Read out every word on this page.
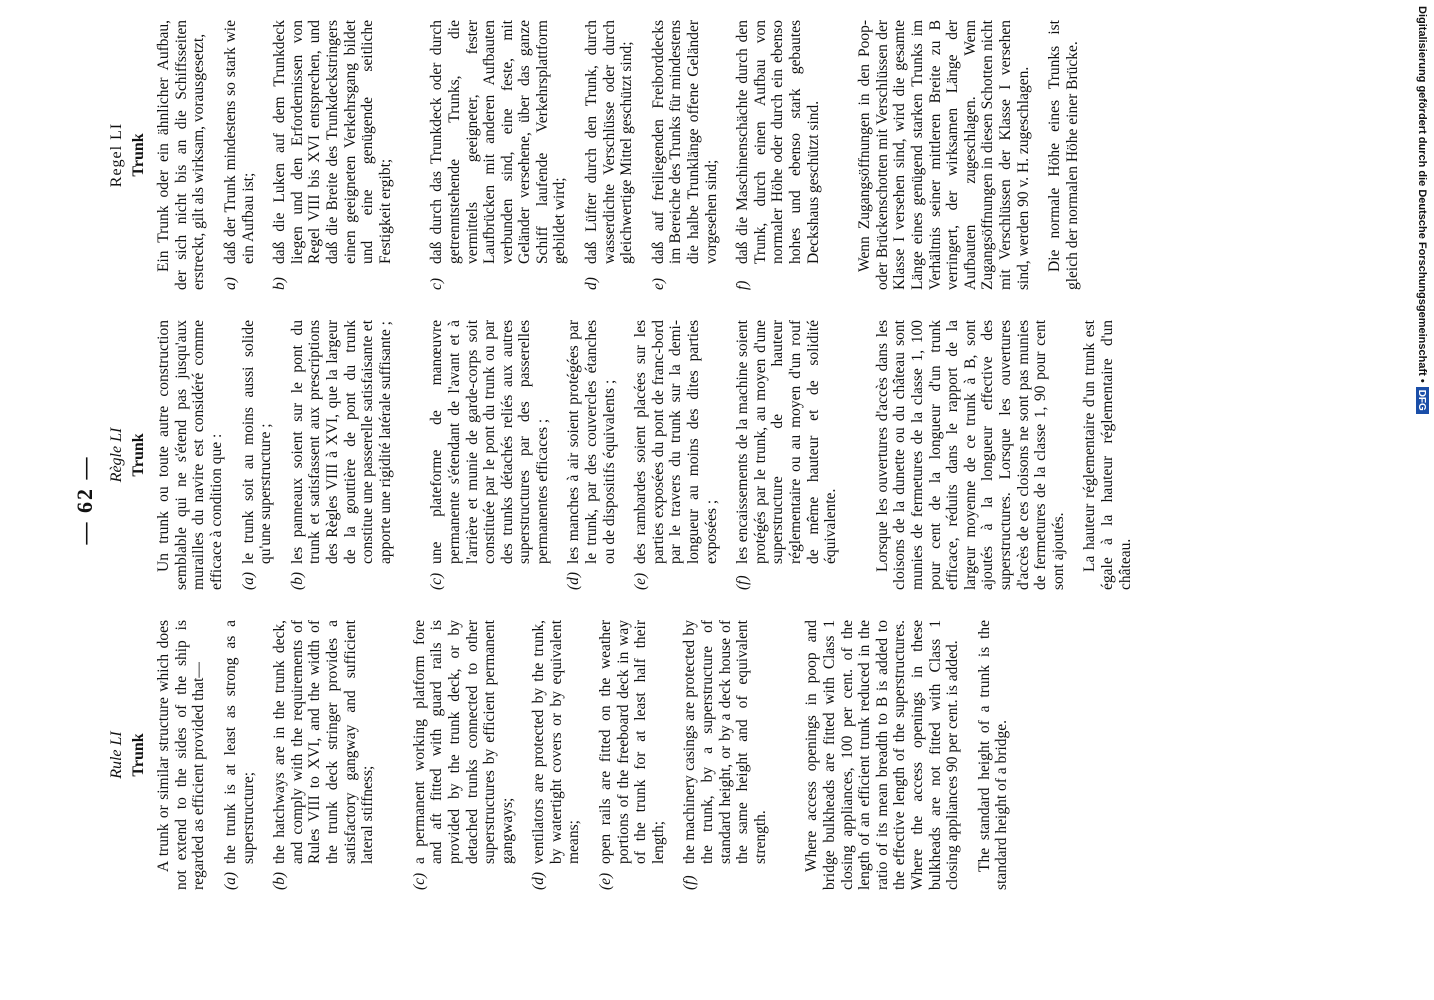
— 62 —
Rule LI Trunk A trunk or similar structure which does not extend to the sides of the ship is regarded as efficient provided that— (a)
the trunk is at least as strong as a superstructure;
(b)
the hatchways are in the trunk deck, and comply with the requirements of Rules VIII to XVI, and the width of the trunk deck stringer provides a satisfactory gangway and sufficient lateral stiffness;
(c)
a permanent working platform fore and aft fitted with guard rails is provided by the trunk deck, or by detached trunks connected to other superstructures by efficient permanent gangways;
(d)
ventilators are protected by the trunk, by watertight covers or by equivalent means;
(e)
open rails are fitted on the weather portions of the freeboard deck in way of the trunk for at least half their length;
(f)
the machinery casings are protected by the trunk, by a superstructure of standard height, or by a deck house of the same height and of equivalent strength. Where access openings in poop and bridge bulkheads are fitted with Class 1 closing appliances, 100 per cent. of the length of an efficient trunk reduced in the ratio of its mean breadth to B is added to the effective length of the superstructures. Where the access openings in these bulkheads are not fitted with Class 1 closing appliances 90 per cent. is added. The standard height of a trunk is the standard height of a bridge.

Règle LI Trunk Un trunk ou toute autre construction semblable qui ne s'étend pas jusqu'aux murailles du navire est considéré comme efficace à condition que : (a)
le trunk soit au moins aussi solide qu'une superstructure ;
(b)
les panneaux soient sur le pont du trunk et satisfassent aux prescriptions des Règles VIII à XVI, que la largeur de la gouttière de pont du trunk constitue une passerelle satisfaisante et apporte une rigidité latérale suffisante ;
(c)
une plateforme de manœuvre permanente s'étendant de l'avant et à l'arrière et munie de garde-corps soit constituée par le pont du trunk ou par des trunks détachés reliés aux autres superstructures par des passerelles permanentes efficaces ;
(d)
les manches à air soient protégées par le trunk, par des couvercles étanches ou de dispositifs équivalents ;
(e)
des rambardes soient placées sur les parties exposées du pont de franc-bord par le travers du trunk sur la demi-longueur au moins des dites parties exposées ;
(f)
les encaissements de la machine soient protégés par le trunk, au moyen d'une superstructure de hauteur réglementaire ou au moyen d'un rouf de même hauteur et de solidité équivalente. Lorsque les ouvertures d'accès dans les cloisons de la dunette ou du château sont munies de fermetures de la classe 1, 100 pour cent de la longueur d'un trunk efficace, réduits dans le rapport de la largeur moyenne de ce trunk à B, sont ajoutés à la longueur effective des superstructures. Lorsque les ouvertures d'accès de ces cloisons ne sont pas munies de fermetures de la classe 1, 90 pour cent sont ajoutés. La hauteur réglementaire d'un trunk est égale à la hauteur réglementaire d'un château.

Regel LI Trunk Ein Trunk oder ein ähnlicher Aufbau, der sich nicht bis an die Schiffsseiten erstreckt, gilt als wirksam, vorausgesetzt, a)
daß der Trunk mindestens so stark wie ein Aufbau ist;
b)
daß die Luken auf dem Trunkdeck liegen und den Erfordernissen von Regel VIII bis XVI entsprechen, und daß die Breite des Trunkdeckstringers einen geeigneten Verkehrsgang bildet und eine genügende seitliche Festigkeit ergibt;
c)
daß durch das Trunkdeck oder durch getrenntstehende Trunks, die vermittels geeigneter, fester Laufbrücken mit anderen Aufbauten verbunden sind, eine feste, mit Geländer versehene, über das ganze Schiff laufende Verkehrsplattform gebildet wird;
d)
daß Lüfter durch den Trunk, durch wasserdichte Verschlüsse oder durch gleichwertige Mittel geschützt sind;
e)
daß auf freiliegenden Freiborddecks im Bereiche des Trunks für mindestens die halbe Trunklänge offene Geländer vorgesehen sind;
f)
daß die Maschinenschächte durch den Trunk, durch einen Aufbau von normaler Höhe oder durch ein ebenso hohes und ebenso stark gebautes Deckshaus geschützt sind. Wenn Zugangsöffnungen in den Poop- oder Brückenschotten mit Verschlüssen der Klasse I versehen sind, wird die gesamte Länge eines genügend starken Trunks im Verhältnis seiner mittleren Breite zu B verringert, der wirksamen Länge der Aufbauten zugeschlagen. Wenn Zugangsöffnungen in diesen Schotten nicht mit Verschlüssen der Klasse I versehen sind, werden 90 v. H. zugeschlagen. Die normale Höhe eines Trunks ist gleich der normalen Höhe einer Brücke.	Digitalisierung gefördert durch die Deutsche Forschungsgemeinschaft •DFG
